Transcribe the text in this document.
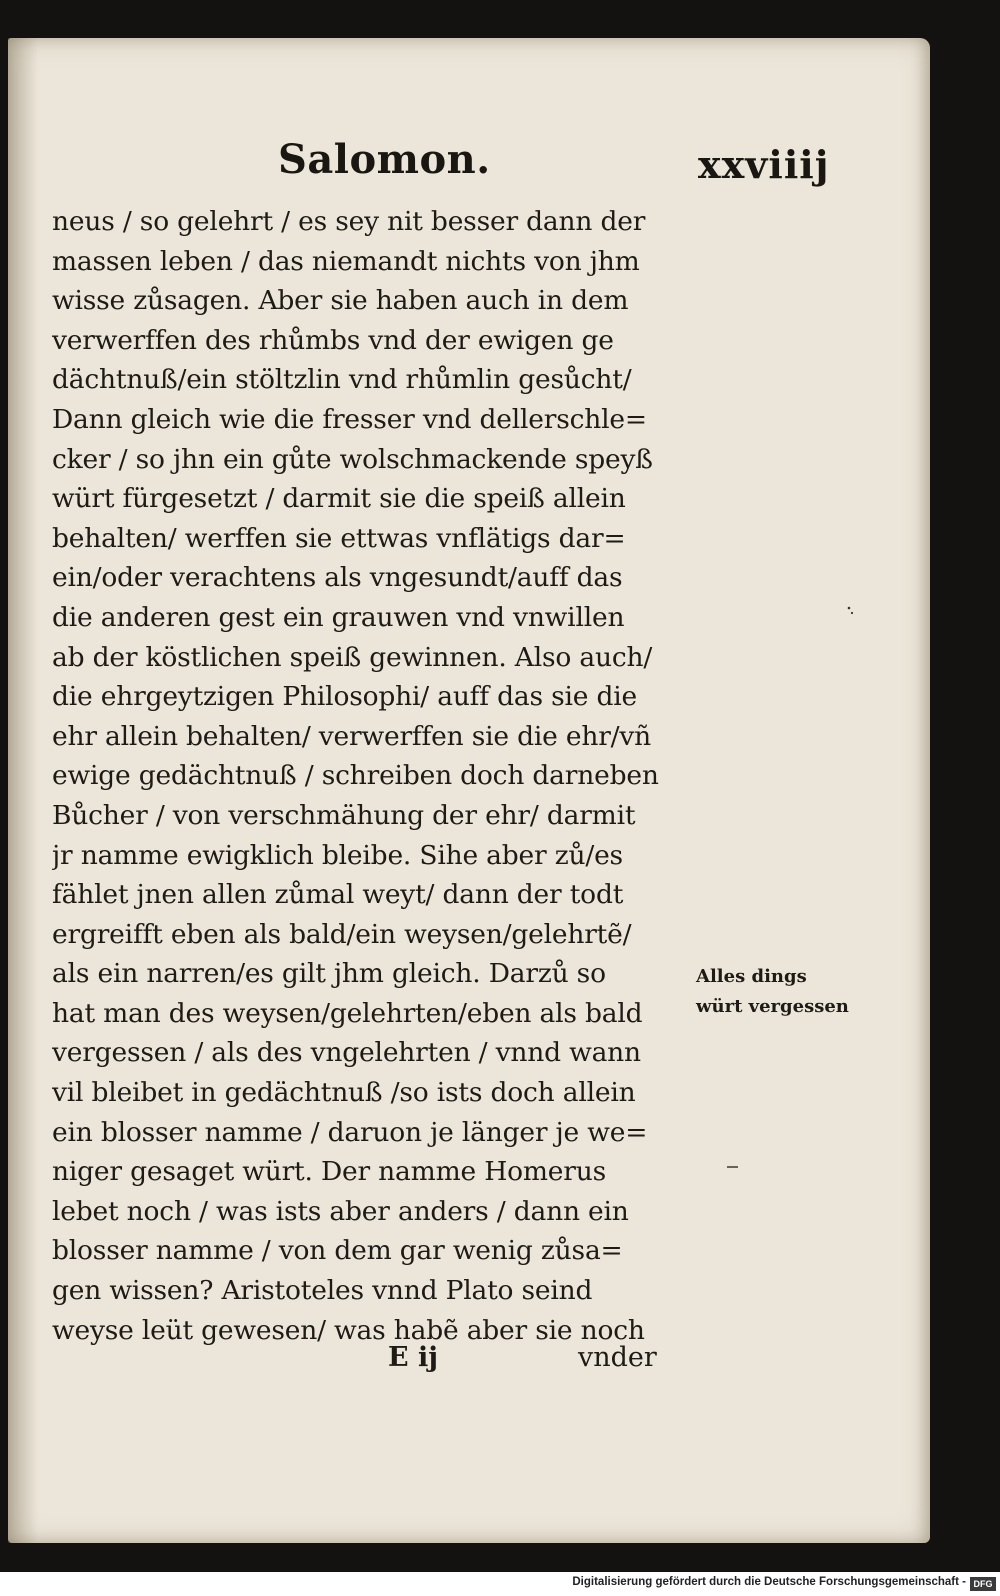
Salomon.	xxviiij
neus / so gelehrt / es sey nit besser dann der
massen leben / das niemandt nichts von jhm
wisse zůsagen. Aber sie haben auch in dem
verwerffen des rhůmbs vnd der ewigen ge
dächtnuß/ein stöltzlin vnd rhůmlin gesůcht/
Dann gleich wie die fresser vnd dellerschle=
cker / so jhn ein gůte wolschmackende speyß
würt fürgesetzt / darmit sie die speiß allein
behalten/ werffen sie ettwas vnflätigs dar=
ein/oder verachtens als vngesundt/auff das
die anderen gest ein grauwen vnd vnwillen
ab der köstlichen speiß gewinnen. Also auch/
die ehrgeytzigen Philosophi/ auff das sie die
ehr allein behalten/ verwerffen sie die ehr/vñ
ewige gedächtnuß / schreiben doch darneben
Bůcher / von verschmähung der ehr/ darmit
jr namme ewigklich bleibe. Sihe aber zů/es
fählet jnen allen zůmal weyt/ dann der todt
ergreifft eben als bald/ein weysen/gelehrtẽ/
als ein narren/es gilt jhm gleich. Darzů so
hat man des weysen/gelehrten/eben als bald
vergessen / als des vngelehrten / vnnd wann
vil bleibet in gedächtnuß /so ists doch allein
ein blosser namme / daruon je länger je we=
niger gesaget würt. Der namme Homerus
lebet noch / was ists aber anders / dann ein
blosser namme / von dem gar wenig zůsa=
gen wissen? Aristoteles vnnd Plato seind
weyse leüt gewesen/ was habẽ aber sie noch
E ij	vnder
Alles dings
würt vergessen
Digitalisierung gefördert durch die Deutsche Forschungsgemeinschaft - DFG
